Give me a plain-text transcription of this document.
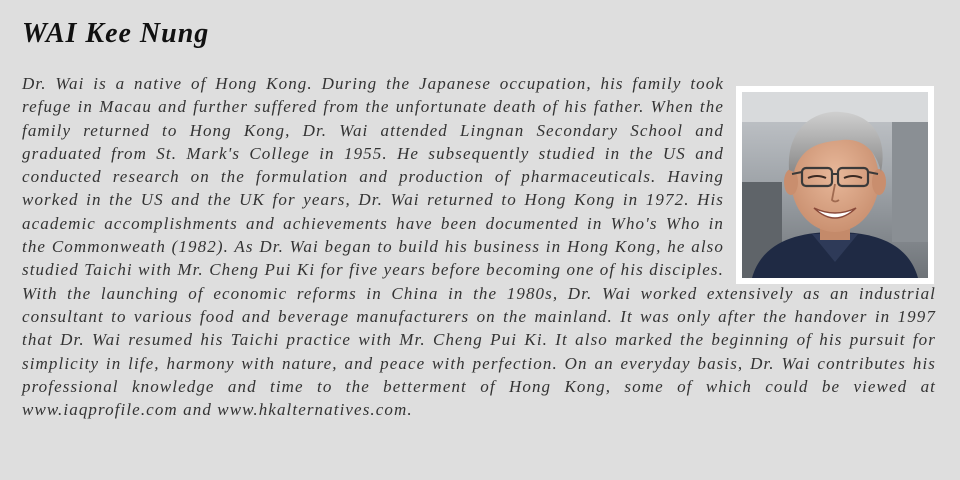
WAI Kee Nung

Dr. Wai is a native of Hong Kong. During the Japanese occupation, his family took refuge in Macau and further suffered from the unfortunate death of his father. When the family returned to Hong Kong, Dr. Wai attended Lingnan Secondary School and graduated from St. Mark's College in 1955. He subsequently studied in the US and conducted research on the formulation and production of pharmaceuticals. Having worked in the US and the UK for years, Dr. Wai returned to Hong Kong in 1972. His academic accomplishments and achievements have been documented in Who's Who in the Commonweath (1982). As Dr. Wai began to build his business in Hong Kong, he also studied Taichi with Mr. Cheng Pui Ki for five years before becoming one of his disciples. With the launching of economic reforms in China in the 1980s, Dr. Wai worked extensively as an industrial consultant to various food and beverage manufacturers on the mainland. It was only after the handover in 1997 that Dr. Wai resumed his Taichi practice with Mr. Cheng Pui Ki. It also marked the beginning of his pursuit for simplicity in life, harmony with nature, and peace with perfection. On an everyday basis, Dr. Wai contributes his professional knowledge and time to the betterment of Hong Kong, some of which could be viewed at www.iaqprofile.com and www.hkalternatives.com.
